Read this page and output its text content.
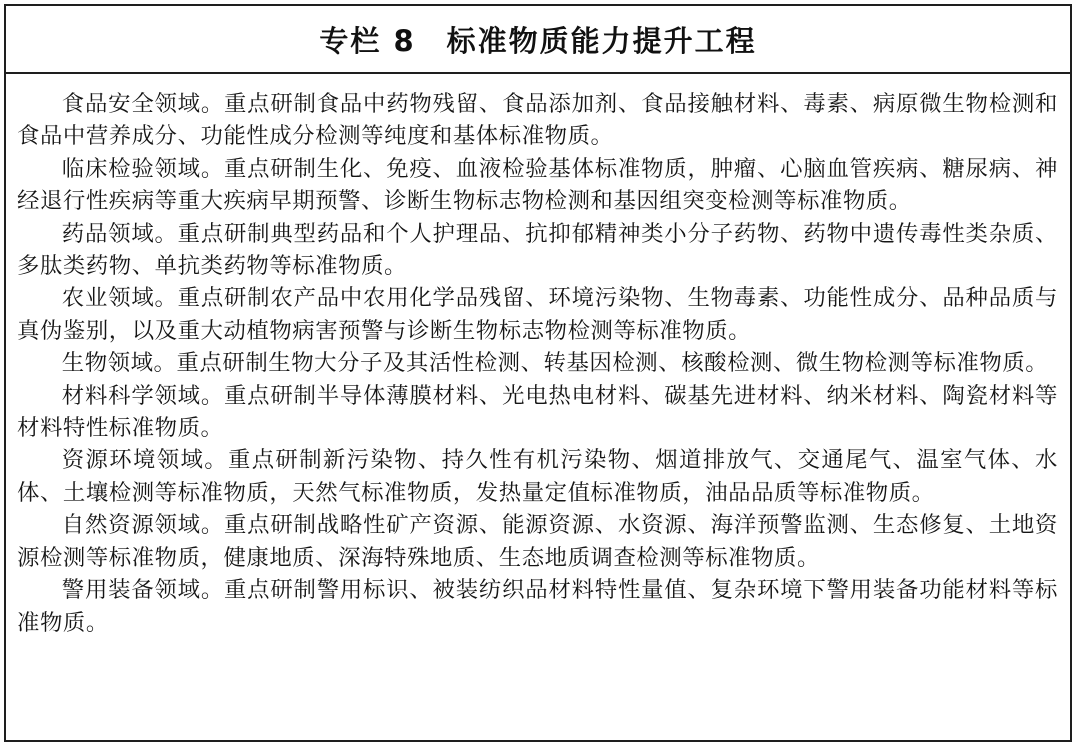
专栏 8　标准物质能力提升工程

食品安全领域。重点研制食品中药物残留、食品添加剂、食品接触材料、毒素、病原微生物检测和食品中营养成分、功能性成分检测等纯度和基体标准物质。

临床检验领域。重点研制生化、免疫、血液检验基体标准物质，肿瘤、心脑血管疾病、糖尿病、神经退行性疾病等重大疾病早期预警、诊断生物标志物检测和基因组突变检测等标准物质。

药品领域。重点研制典型药品和个人护理品、抗抑郁精神类小分子药物、药物中遗传毒性类杂质、多肽类药物、单抗类药物等标准物质。

农业领域。重点研制农产品中农用化学品残留、环境污染物、生物毒素、功能性成分、品种品质与真伪鉴别，以及重大动植物病害预警与诊断生物标志物检测等标准物质。

生物领域。重点研制生物大分子及其活性检测、转基因检测、核酸检测、微生物检测等标准物质。

材料科学领域。重点研制半导体薄膜材料、光电热电材料、碳基先进材料、纳米材料、陶瓷材料等材料特性标准物质。

资源环境领域。重点研制新污染物、持久性有机污染物、烟道排放气、交通尾气、温室气体、水体、土壤检测等标准物质，天然气标准物质，发热量定值标准物质，油品品质等标准物质。

自然资源领域。重点研制战略性矿产资源、能源资源、水资源、海洋预警监测、生态修复、土地资源检测等标准物质，健康地质、深海特殊地质、生态地质调查检测等标准物质。

警用装备领域。重点研制警用标识、被装纺织品材料特性量值、复杂环境下警用装备功能材料等标准物质。
